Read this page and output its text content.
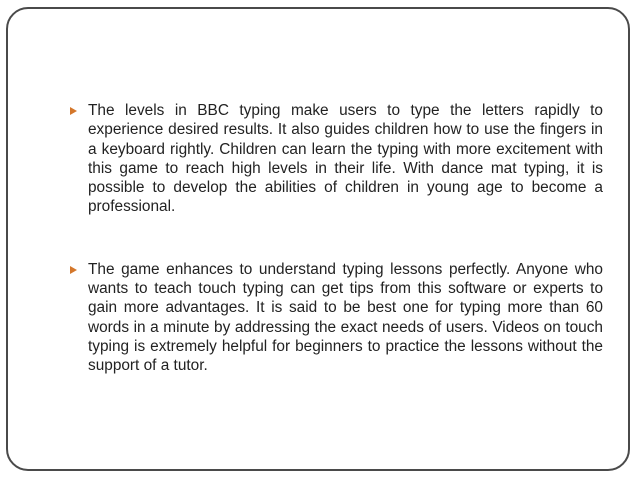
The levels in BBC typing make users to type the letters rapidly to experience desired results. It also guides children how to use the fingers in a keyboard rightly. Children can learn the typing with more excitement with this game to reach high levels in their life. With dance mat typing, it is possible to develop the abilities of children in young age to become a professional.
The game enhances to understand typing lessons perfectly. Anyone who wants to teach touch typing can get tips from this software or experts to gain more advantages. It is said to be best one for typing more than 60 words in a minute by addressing the exact needs of users. Videos on touch typing is extremely helpful for beginners to practice the lessons without the support of a tutor.
